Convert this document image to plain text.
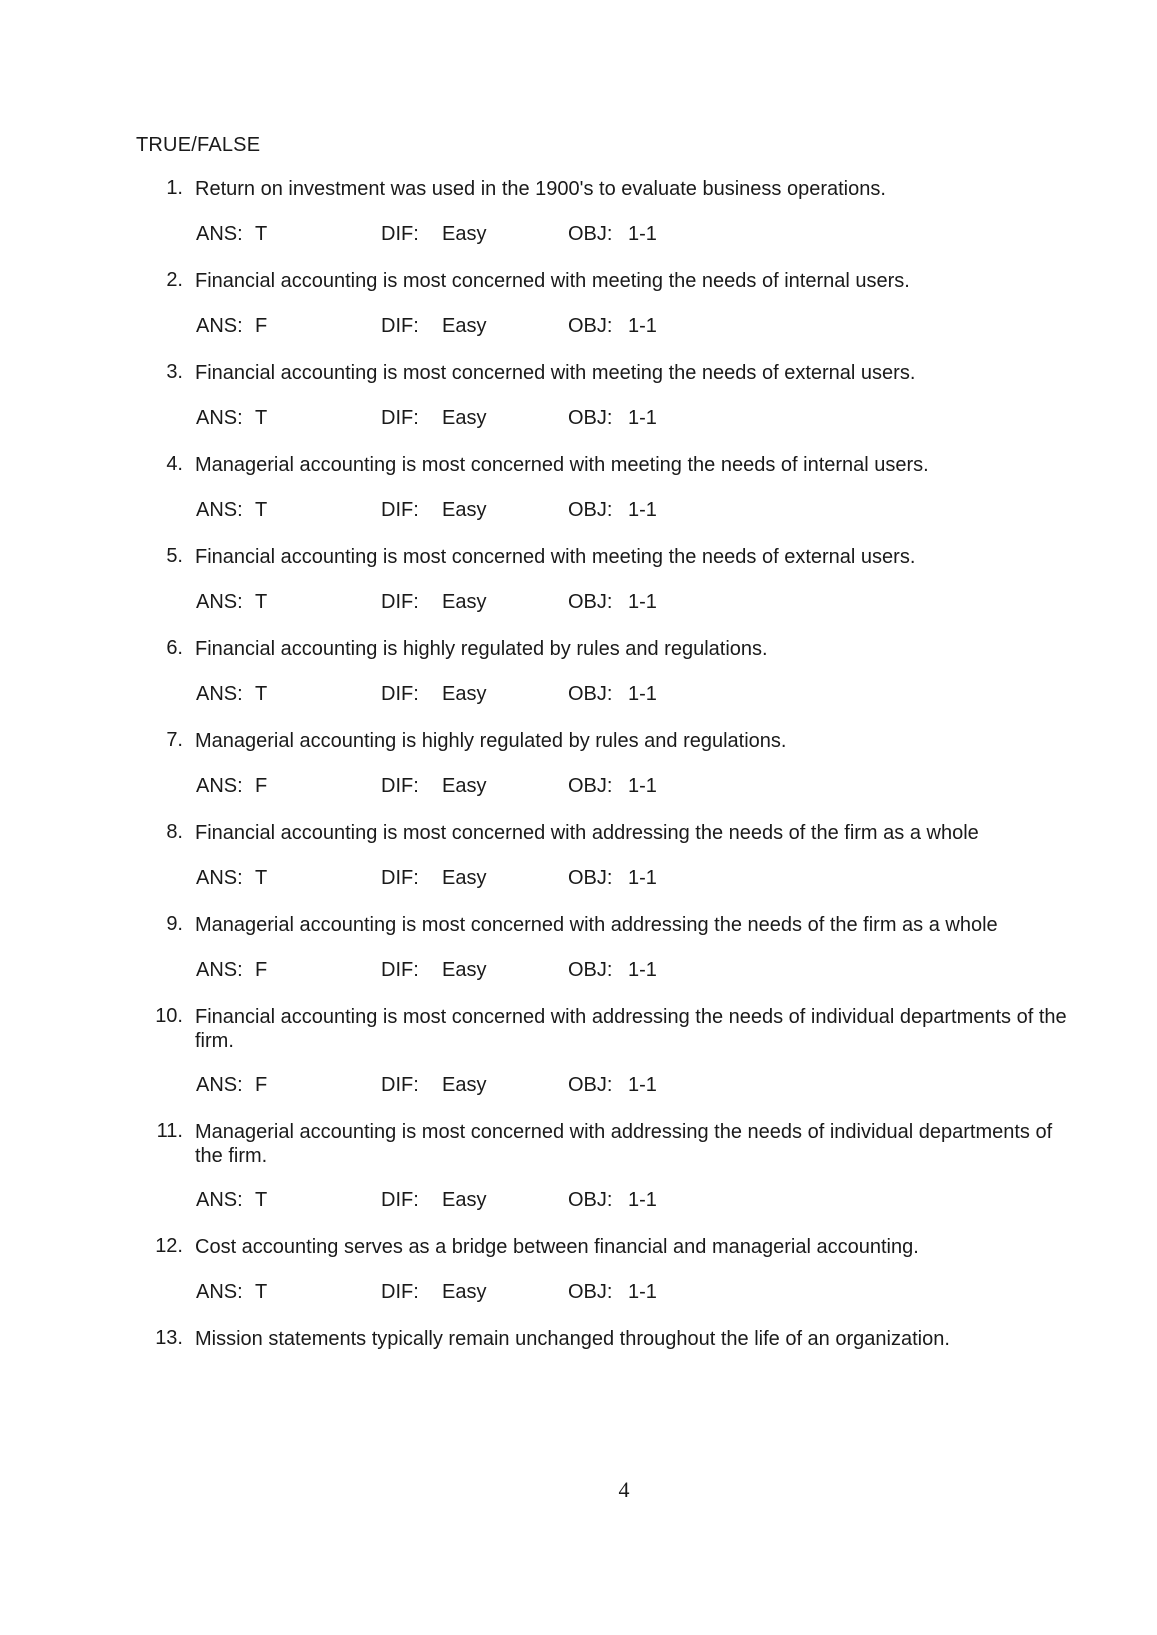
TRUE/FALSE
1. Return on investment was used in the 1900's to evaluate business operations.
ANS: T	DIF: Easy	OBJ: 1-1
2. Financial accounting is most concerned with meeting the needs of internal users.
ANS: F	DIF: Easy	OBJ: 1-1
3. Financial accounting is most concerned with meeting the needs of external users.
ANS: T	DIF: Easy	OBJ: 1-1
4. Managerial accounting is most concerned with meeting the needs of internal users.
ANS: T	DIF: Easy	OBJ: 1-1
5. Financial accounting is most concerned with meeting the needs of external users.
ANS: T	DIF: Easy	OBJ: 1-1
6. Financial accounting is highly regulated by rules and regulations.
ANS: T	DIF: Easy	OBJ: 1-1
7. Managerial accounting is highly regulated by rules and regulations.
ANS: F	DIF: Easy	OBJ: 1-1
8. Financial accounting is most concerned with addressing the needs of the firm as a whole
ANS: T	DIF: Easy	OBJ: 1-1
9. Managerial accounting is most concerned with addressing the needs of the firm as a whole
ANS: F	DIF: Easy	OBJ: 1-1
10. Financial accounting is most concerned with addressing the needs of individual departments of the firm.
ANS: F	DIF: Easy	OBJ: 1-1
11. Managerial accounting is most concerned with addressing the needs of individual departments of the firm.
ANS: T	DIF: Easy	OBJ: 1-1
12. Cost accounting serves as a bridge between financial and managerial accounting.
ANS: T	DIF: Easy	OBJ: 1-1
13. Mission statements typically remain unchanged throughout the life of an organization.
4
